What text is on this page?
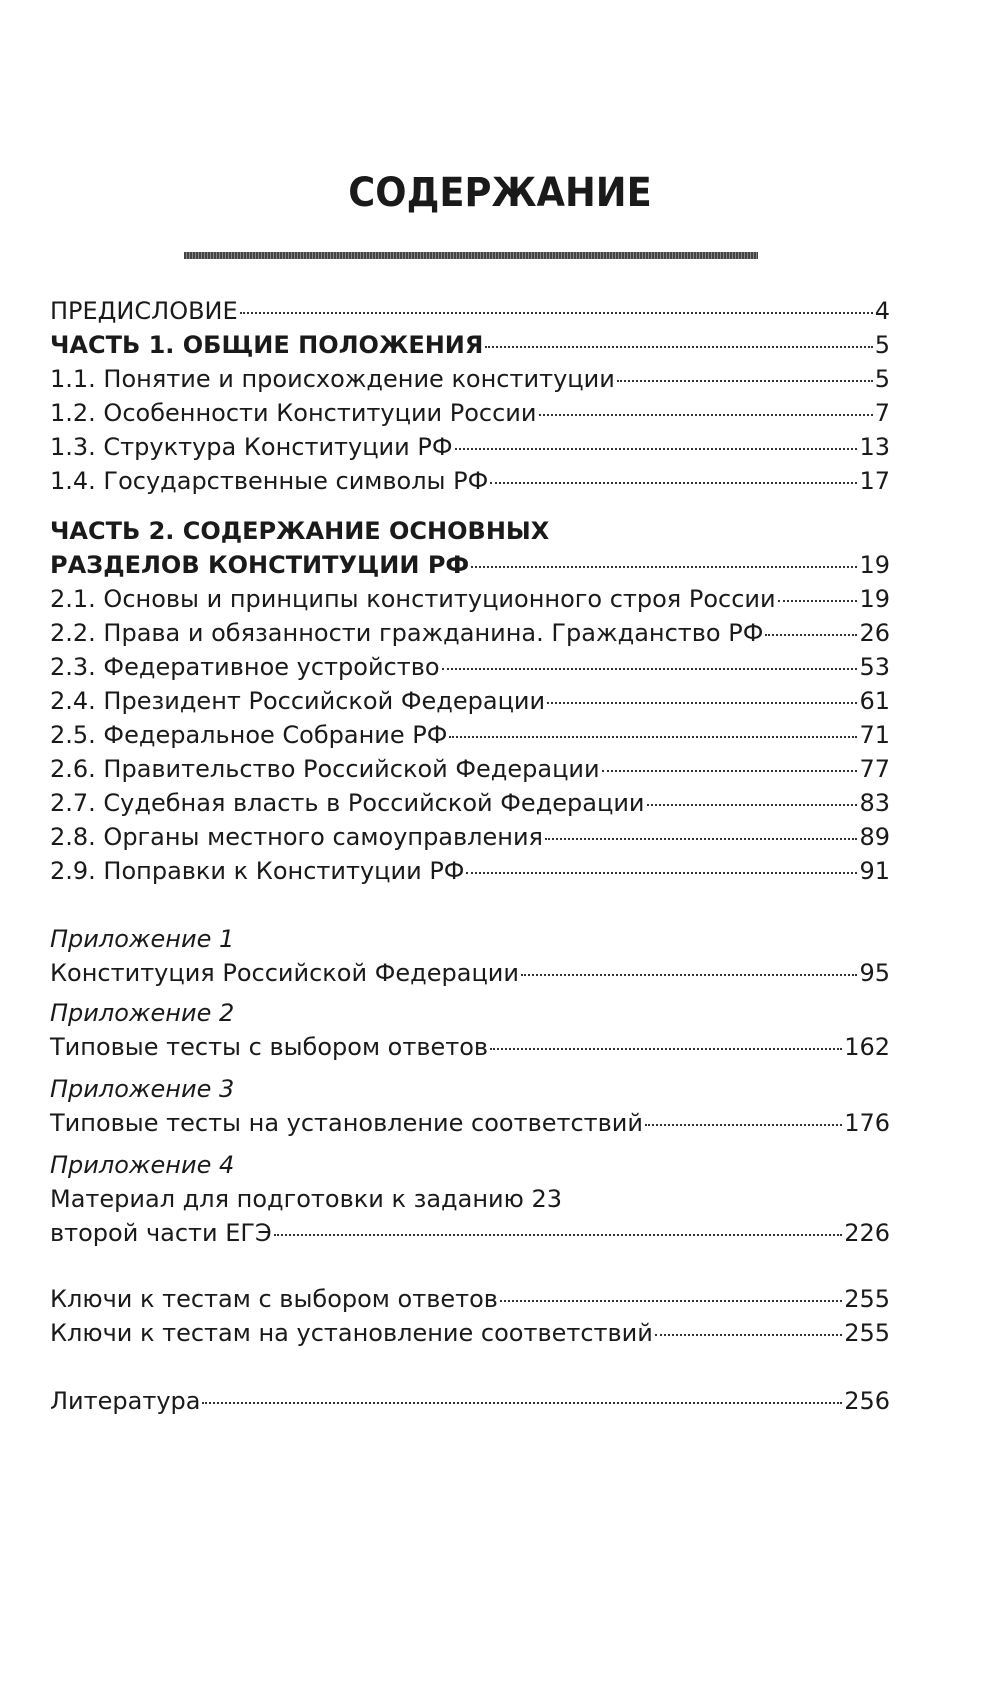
СОДЕРЖАНИЕ
ПРЕДИСЛОВИЕ	4
ЧАСТЬ 1. ОБЩИЕ ПОЛОЖЕНИЯ	5
1.1. Понятие и происхождение конституции	5
1.2. Особенности Конституции России	7
1.3. Структура Конституции РФ	13
1.4. Государственные символы РФ	17
ЧАСТЬ 2. СОДЕРЖАНИЕ ОСНОВНЫХ
РАЗДЕЛОВ КОНСТИТУЦИИ РФ	19
2.1. Основы и принципы конституционного строя России	19
2.2. Права и обязанности гражданина. Гражданство РФ	26
2.3. Федеративное устройство	53
2.4. Президент Российской Федерации	61
2.5. Федеральное Собрание РФ	71
2.6. Правительство Российской Федерации	77
2.7. Судебная власть в Российской Федерации	83
2.8. Органы местного самоуправления	89
2.9. Поправки к Конституции РФ	91
Приложение 1
Конституция Российской Федерации	95
Приложение 2
Типовые тесты с выбором ответов	162
Приложение 3
Типовые тесты на установление соответствий	176
Приложение 4
Материал для подготовки к заданию 23
второй части ЕГЭ	226
Ключи к тестам с выбором ответов	255
Ключи к тестам на установление соответствий	255
Литература	256
